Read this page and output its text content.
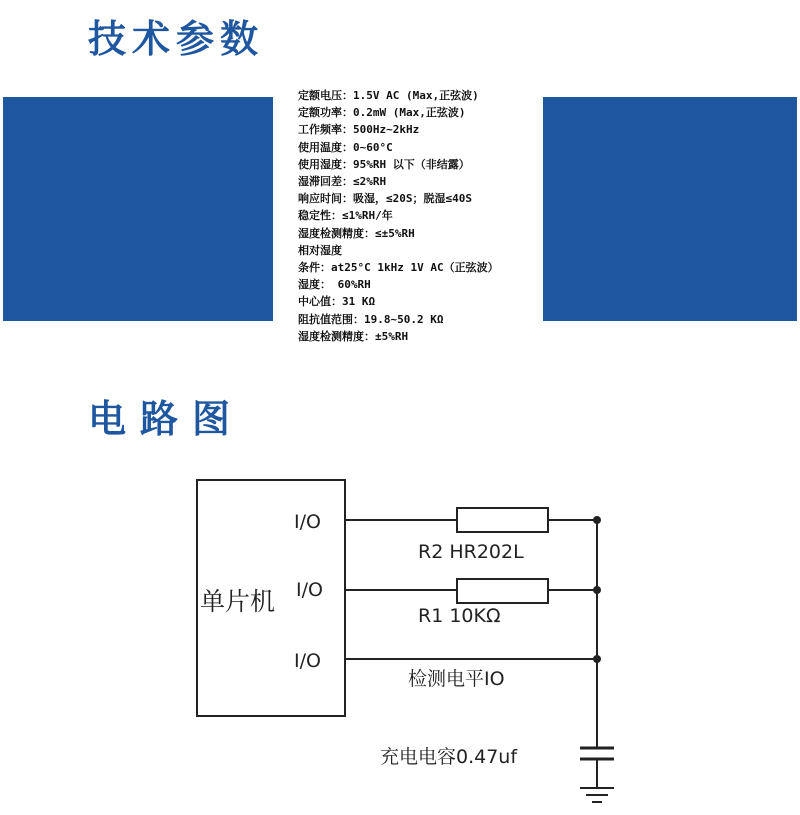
技术参数
定额电压：1.5V AC (Max,正弦波)
定额功率：0.2mW (Max,正弦波)
工作频率：500Hz~2kHz
使用温度：0~60°C
使用湿度：95%RH 以下（非结露）
湿滞回差：≤2%RH
响应时间：吸湿，≤20S；脱湿≤40S
稳定性：≤1%RH/年
湿度检测精度：≤±5%RH
相对湿度
条件：at25°C 1kHz 1V AC（正弦波）
湿度： 60%RH
中心值：31 KΩ
阻抗值范围：19.8~50.2 KΩ
湿度检测精度：±5%RH
电路图
单片机
I/O
I/O
I/O
R2 HR202L
R1 10KΩ
检测电平IO
充电电容0.47uf
